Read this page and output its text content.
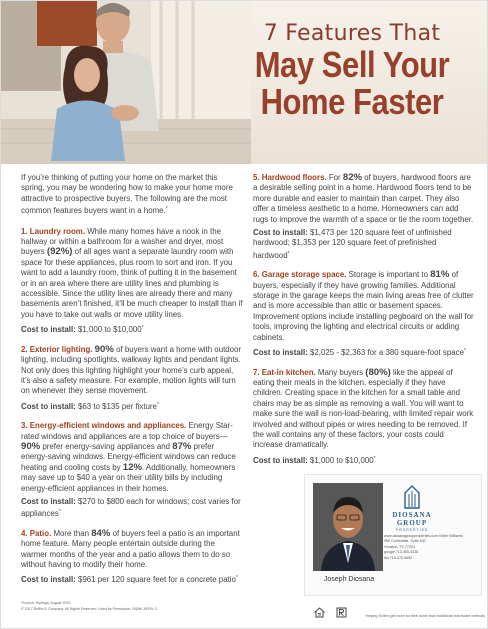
7 Features That
May Sell Your
Home Faster

If you’re thinking of putting your home on the market this spring, you may be wondering how to make your home more attractive to prospective buyers. The following are the most common features buyers want in a home.*

1. Laundry room. While many homes have a nook in the hallway or within a bathroom for a washer and dryer, most buyers (92%) of all ages want a separate laundry room with space for these appliances, plus room to sort and iron. If you want to add a laundry room, think of putting it in the basement or in an area where there are utility lines and plumbing is accessible. Since the utility lines are already there and many basements aren’t finished, it’ll be much cheaper to install than if you have to take out walls or move utility lines.
Cost to install: $1,000 to $10,000*
2. Exterior lighting. 90% of buyers want a home with outdoor lighting, including spotlights, walkway lights and pendant lights. Not only does this lighting highlight your home’s curb appeal, it’s also a safety measure. For example, motion lights will turn on whenever they sense movement.
Cost to install: $63 to $135 per fixture*
3. Energy-efficient windows and appliances. Energy Star-rated windows and appliances are a top choice of buyers—90% prefer energy-saving appliances and 87% prefer energy-saving windows. Energy-efficient windows can reduce heating and cooling costs by 12%. Additionally, homeowners may save up to $40 a year on their utility bills by including energy-efficient appliances in their homes.
Cost to install: $270 to $800 each for windows; cost varies for appliances*
4. Patio. More than 84% of buyers feel a patio is an important home feature. Many people entertain outside during the warmer months of the year and a patio allows them to do so without having to modify their home.
Cost to install: $961 per 120 square feet for a concrete patio*
5. Hardwood floors. For 82% of buyers, hardwood floors are a desirable selling point in a home. Hardwood floors tend to be more durable and easier to maintain than carpet. They also offer a timeless aesthetic to a home. Homeowners can add rugs to improve the warmth of a space or tie the room together.
Cost to install: $1,473 per 120 square feet of unfinished hardwood; $1,353 per 120 square feet of prefinished hardwood*
6. Garage storage space. Storage is important to 81% of buyers, especially if they have growing families. Additional storage in the garage keeps the main living areas free of clutter and is more accessible than attic or basement spaces. Improvement options include installing pegboard on the wall for tools, improving the lighting and electrical circuits or adding cabinets.
Cost to install: $2,025 - $2,363 for a 380 square-foot space*
7. Eat-in kitchen. Many buyers (80%) like the appeal of eating their meals in the kitchen, especially if they have children. Creating space in the kitchen for a small table and chairs may be as simple as removing a wall. You will want to make sure the wall is non-load-bearing, with limited repair work involved and without pipes or wires needing to be removed. If the wall contains any of these factors, your costs could increase dramatically.
Cost to install: $1,000 to $10,000*
Joseph Diosana
DIOSANA
GROUP
PROPERTIES
www.diosanagroupproperties.com Keller Williams
950 Corbindale, Suite 100
Houston, TX 77024
google 713-465-4338
fax 713-470-0692
*Source: Hyllinga, August 2015
© 2017 Buffini & Company. All Rights Reserved. Used by Permission. R&MK APRIL C
Helping Sellers get more for their home than traditional real estate methods
